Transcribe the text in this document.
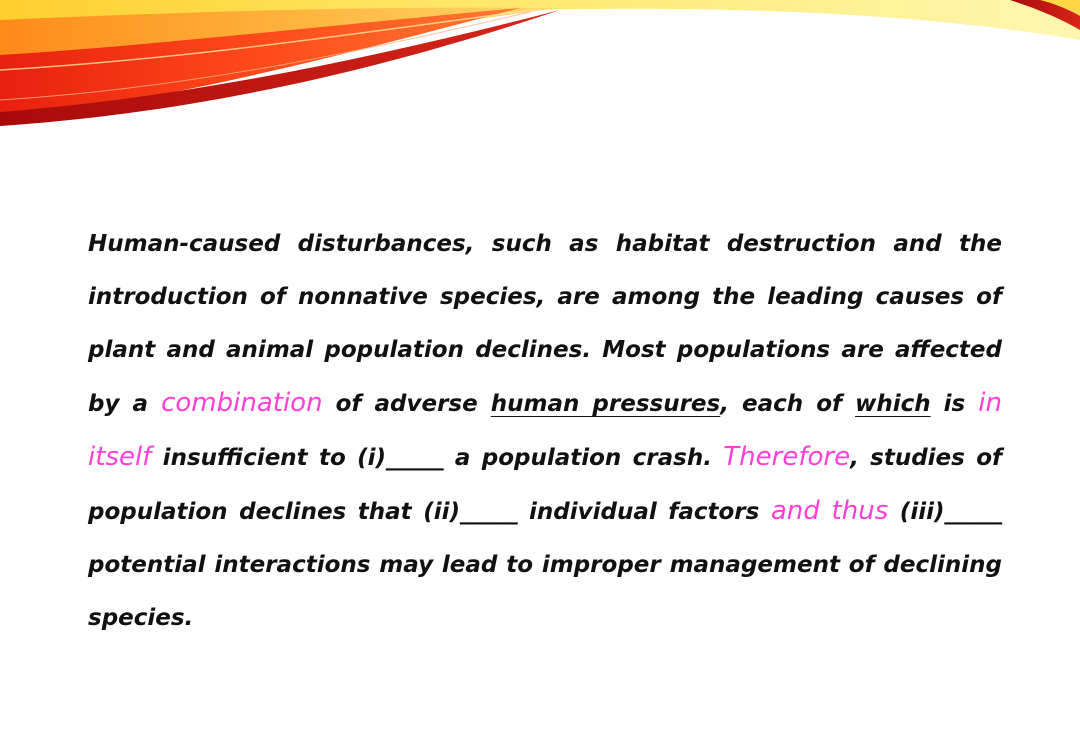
Human-caused disturbances, such as habitat destruction and the introduction of nonnative species, are among the leading causes of plant and animal population declines. Most populations are affected by a combination of adverse human pressures, each of which is in itself insufficient to (i)_____ a population crash. Therefore, studies of population declines that (ii)_____ individual factors and thus (iii)_____ potential interactions may lead to improper management of declining species.
